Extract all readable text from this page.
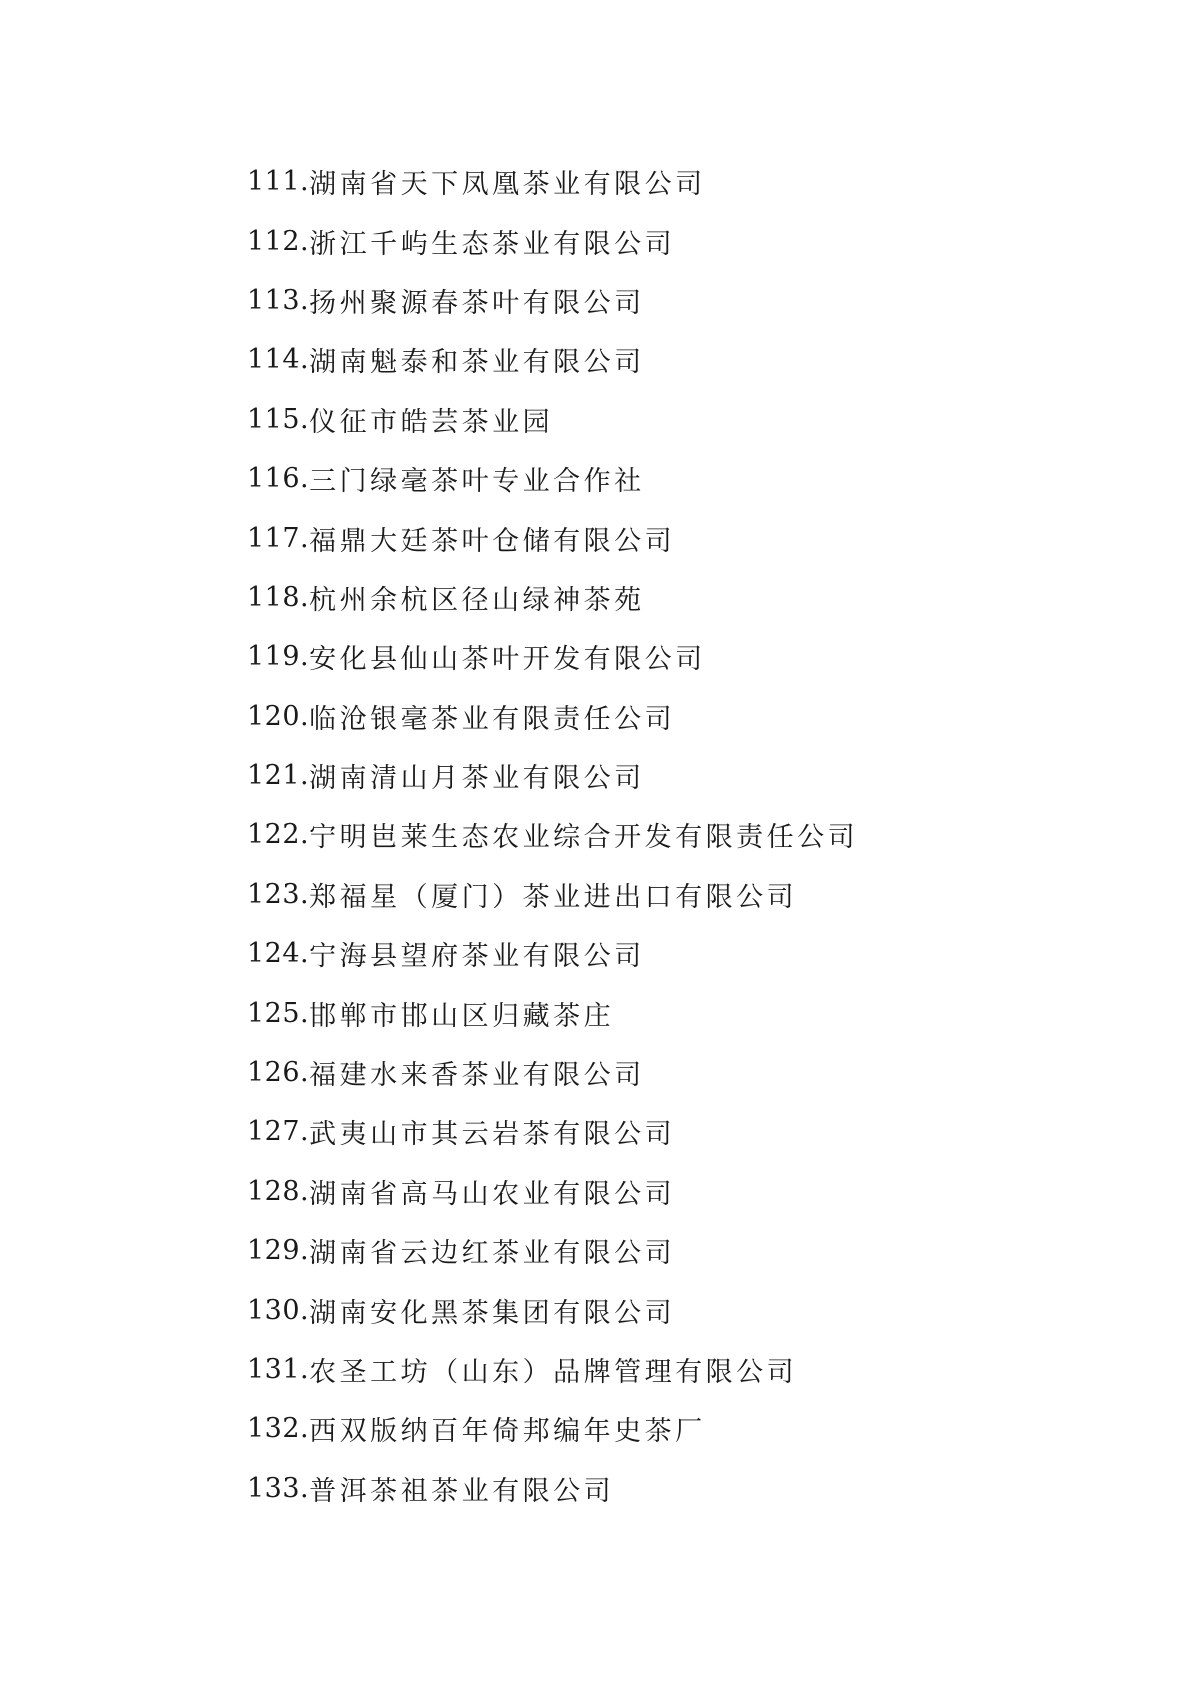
111. 湖南省天下凤凰茶业有限公司
112. 浙江千屿生态茶业有限公司
113. 扬州聚源春茶叶有限公司
114. 湖南魁泰和茶业有限公司
115. 仪征市皓芸茶业园
116. 三门绿毫茶叶专业合作社
117. 福鼎大廷茶叶仓储有限公司
118. 杭州余杭区径山绿神茶苑
119. 安化县仙山茶叶开发有限公司
120. 临沧银毫茶业有限责任公司
121. 湖南清山月茶业有限公司
122. 宁明岜莱生态农业综合开发有限责任公司
123. 郑福星（厦门）茶业进出口有限公司
124. 宁海县望府茶业有限公司
125. 邯郸市邯山区归藏茶庄
126. 福建水来香茶业有限公司
127. 武夷山市其云岩茶有限公司
128. 湖南省高马山农业有限公司
129. 湖南省云边红茶业有限公司
130. 湖南安化黑茶集团有限公司
131. 农圣工坊（山东）品牌管理有限公司
132. 西双版纳百年倚邦编年史茶厂
133. 普洱茶祖茶业有限公司
